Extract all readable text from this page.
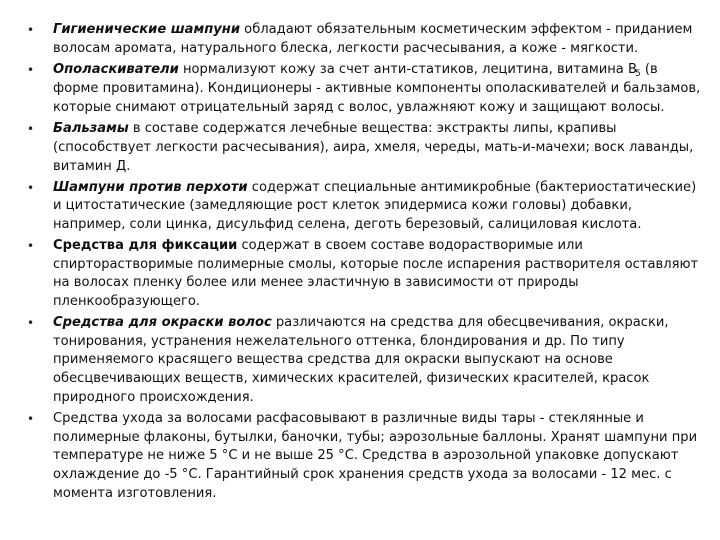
• Гигиенические шампуни обладают обязательным косметическим эффектом - приданием волосам аромата, натурального блеска, легкости расчесывания, а коже - мягкости.
• Ополаскиватели нормализуют кожу за счет анти-статиков, лецитина, витамина $В_5$ (в форме провитамина). Кондиционеры - активные компоненты ополаскивателей и бальзамов, которые снимают отрицательный заряд с волос, увлажняют кожу и защищают волосы.
• Бальзамы в составе содержатся лечебные вещества: экстракты липы, крапивы (способствует легкости расчесывания), аира, хмеля, череды, мать-и-мачехи; воск лаванды, витамин Д.
• Шампуни против перхоти содержат специальные антимикробные (бактериостатические) и цитостатические (замедляющие рост клеток эпидермиса кожи головы) добавки, например, соли цинка, дисульфид селена, деготь березовый, салициловая кислота.
• Средства для фиксации содержат в своем составе водорастворимые или спирторастворимые полимерные смолы, которые после испарения растворителя оставляют на волосах пленку более или менее эластичную в зависимости от природы пленкообразующего.
• Средства для окраски волос различаются на средства для обесцвечивания, окраски, тонирования, устранения нежелательного оттенка, блондирования и др. По типу применяемого красящего вещества средства для окраски выпускают на основе обесцвечивающих веществ, химических красителей, физических красителей, красок природного происхождения.
• Средства ухода за волосами расфасовывают в различные виды тары - стеклянные и полимерные флаконы, бутылки, баночки, тубы; аэрозольные баллоны. Хранят шампуни при температуре не ниже 5 °С и не выше 25 °С. Средства в аэрозольной упаковке допускают охлаждение до -5 °С. Гарантийный срок хранения средств ухода за волосами - 12 мес. с момента изготовления.
